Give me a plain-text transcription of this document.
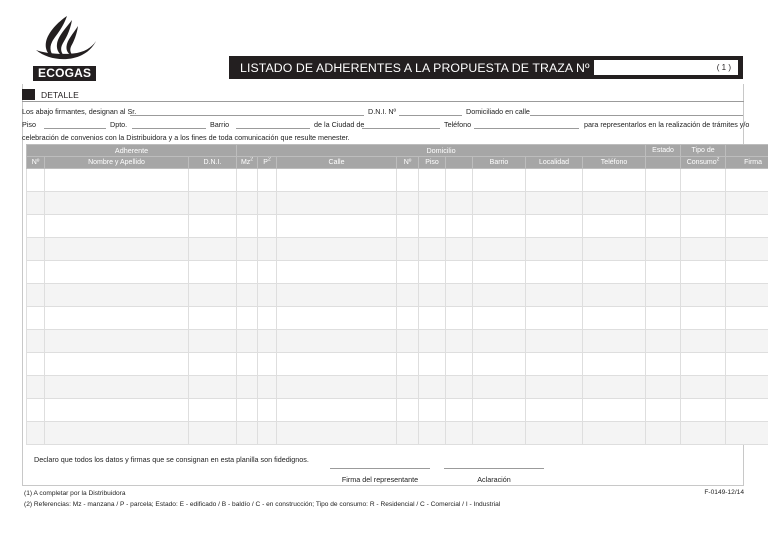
ECOGAS	LISTADO DE ADHERENTES A LA PROPUESTA DE TRAZA Nº	( 1 )
DETALLE
Los abajo firmantes, designan al Sr.	D.N.I. Nº	Domiciliado en calle
Piso	Dpto.	Barrio	de la Ciudad de	Teléfono	para representarlos en la realización de trámites y/o
celebración de convenios con la Distribuidora y a los fines de toda comunicación que resulte menester.
Adherente			Domicilio									Estado	Tipo de	
Nº	Nombre y Apellido	D.N.I.	Mz$^2$	$P^2$	Calle	Nº	Piso		Barrio	Localidad	Teléfono		Consumo$^2$	Firma

Declaro que todos los datos y firmas que se consignan en esta planilla son fidedignos.
Firma del representante	Aclaración
(1) A completar por la Distribuidora
(2) Referencias: Mz - manzana / P - parcela; Estado: E - edificado / B - baldío / C - en construcción; Tipo de consumo: R - Residencial / C - Comercial / I - Industrial
F-0149-12/14
